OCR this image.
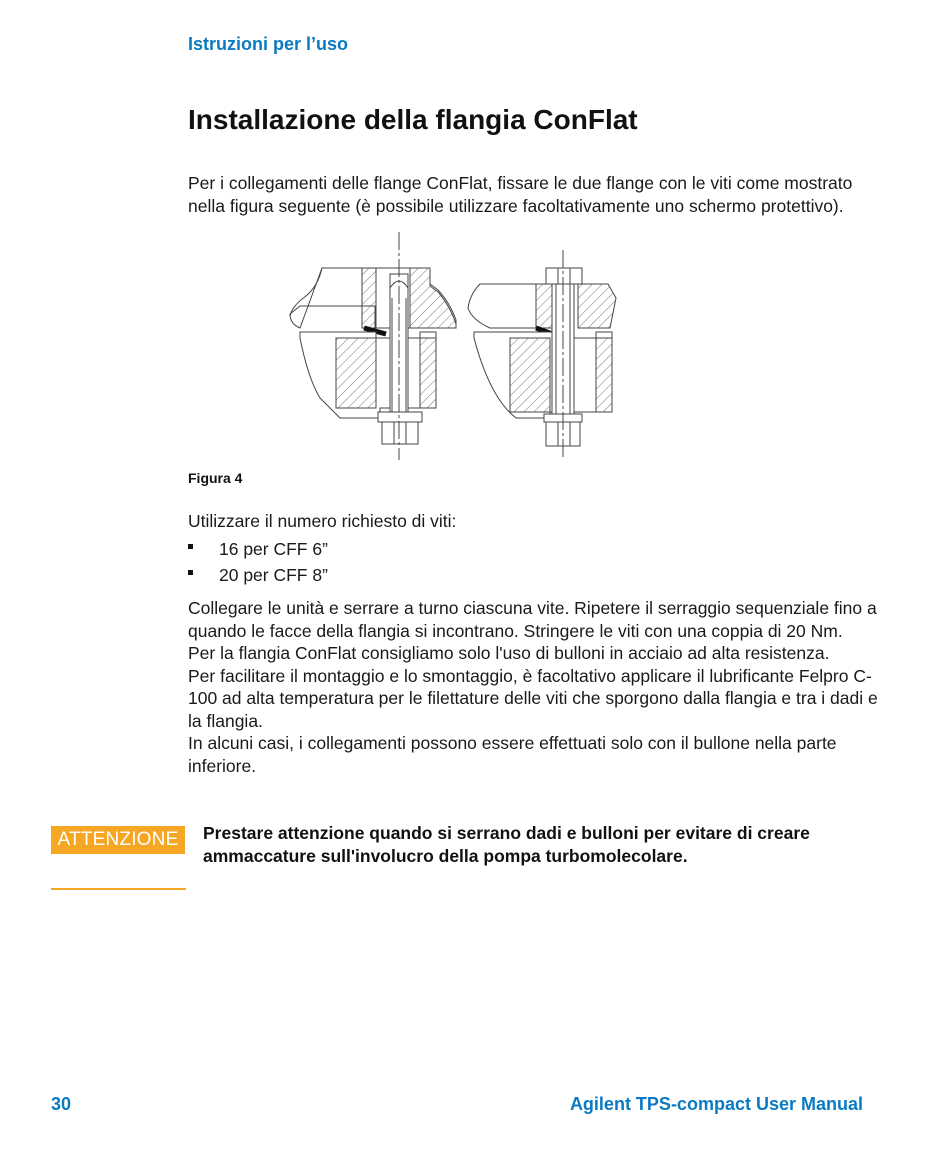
Istruzioni per l’uso
Installazione della flangia ConFlat
Per i collegamenti delle flange ConFlat, fissare le due flange con le viti come mostrato nella figura seguente (è possibile utilizzare facoltativamente uno schermo protettivo).
Figura 4
Utilizzare il numero richiesto di viti:
16 per CFF 6”
20 per CFF 8”

Collegare le unità e serrare a turno ciascuna vite. Ripetere il serraggio sequenziale fino a quando le facce della flangia si incontrano. Stringere le viti con una coppia di 20 Nm.

Per la flangia ConFlat consigliamo solo l'uso di bulloni in acciaio ad alta resistenza.

Per facilitare il montaggio e lo smontaggio, è facoltativo applicare il lubrificante Felpro C-100 ad alta temperatura per le filettature delle viti che sporgono dalla flangia e tra i dadi e la flangia.

In alcuni casi, i collegamenti possono essere effettuati solo con il bullone nella parte inferiore.

ATTENZIONE	Prestare attenzione quando si serrano dadi e bulloni per evitare di creare ammaccature sull'involucro della pompa turbomolecolare.
30	Agilent TPS-compact User Manual
